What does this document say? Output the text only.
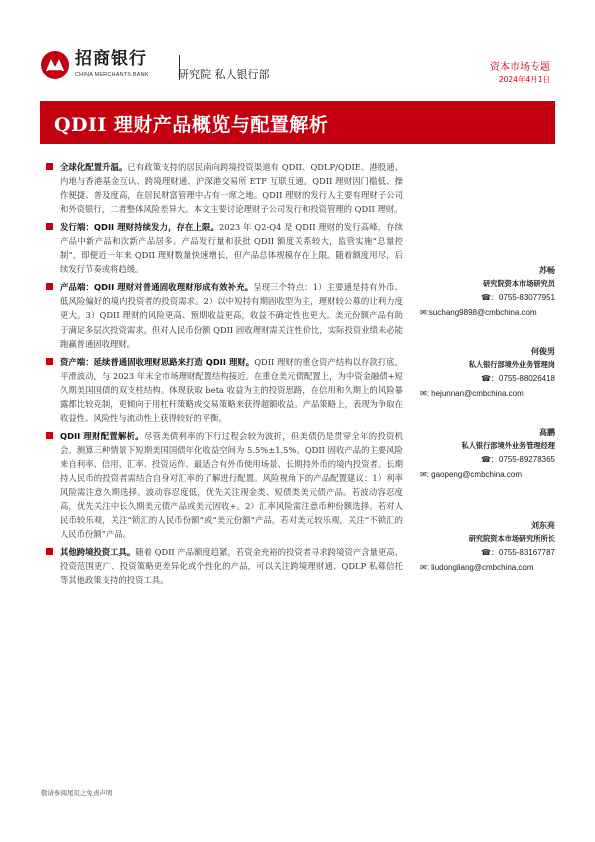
招商银行
CHINA MERCHANTS BANK	研究院 私人银行部
资本市场专题
2024年4月1日
QDII 理财产品概览与配置解析

全球化配置升温。已有政策支持的居民南向跨境投资渠道有 QDII、QDLP/QDIE、港股通、内地与香港基金互认、跨境理财通、沪深港交易所 ETF 互联互通。QDII 理财因门槛低、操作便捷、普及度高，在居民财富管理中占有一席之地。QDII 理财的发行人主要有理财子公司和外资银行，二者整体风险差异大。本文主要讨论理财子公司发行和投资管理的 QDII 理财。

发行端：QDII 理财持续发力，存在上限。2023 年 Q2-Q4 是 QDII 理财的发行高峰，存续产品中新产品和次新产品居多。产品发行量和获批 QDII 额度关系较大，监管实施“总量控制”，即便近一年来 QDII 理财数量快速增长，但产品总体规模存在上限。随着额度用尽，后续发行节奏或将趋缓。

产品端：QDII 理财对普通固收理财形成有效补充。呈现三个特点：1）主要通是持有外币、低风险偏好的境内投资者的投资需求。2）以中短持有期固收型为主，理财较公募的让利力度更大。3）QDII 理财的风险更高、预期收益更高，收益不确定性也更大。美元份额产品有助于满足多层次投资需求。但对人民币份额 QDII 固收理财需关注性价比，实际投资业绩未必能跑赢普通固收理财。

资产端：延续普通固收理财思路来打造 QDII 理财。QDII 理财的重仓资产结构以存款打底，平滑波动，与 2023 年末全市场理财配置结构接近。在重仓美元债配置上，为中资金融债+短久期美国国债的双支柱结构。体现获取 beta 收益为主的投资思路，在信用和久期上的风险暴露都比较克制，更倾向于用杠杆策略或交易策略来获得超额收益。产品策略上，表现为争取在收益性、风险性与流动性上获得较好的平衡。

QDII 理财配置解析。尽管美债利率的下行过程会较为波折，但美债仍是贯穿全年的投资机会。测算三种情景下短期美国国债年化收益空间为 5.5%±1.5%。QDII 固收产品的主要风险来自利率、信用、汇率、投资运作。最适合有外币使用场景、长期持外币的境内投资者。长期持人民币的投资者需结合自身对汇率的了解进行配置。风险视角下的产品配置建议：1）利率风险需注意久期选择。波动容忍度低，优先关注现金类、短债类美元债产品。若波动容忍度高，优先关注中长久期美元债产品或美元固收+。2）汇率风险需注意币种份额选择。若对人民币较乐观，关注“锁汇的人民币份额”或“美元份额”产品。若对美元较乐观，关注“不锁汇的人民币份额”产品。

其他跨境投资工具。随着 QDII 产品额度趋紧，若资金充裕的投资者寻求跨境资产含量更高、投资范围更广、投资策略更差异化或个性化的产品，可以关注跨境理财通、QDLP 私募信托等其他政策支持的投资工具。

苏畅
研究院资本市场研究员
☎：0755-83077951
✉:suchang9898@cmbchina.com
何俊男
私人银行部境外业务管理岗
☎：0755-88026418
✉: hejunnan@cmbchina.com
高鹏
私人银行部境外业务管理经理
☎：0755-89278365
✉: gaopeng@cmbchina.com
刘东亮
研究院资本市场研究所所长
☎：0755-83167787
✉: liudongliang@cmbchina.com
敬请参阅尾页之免责声明
